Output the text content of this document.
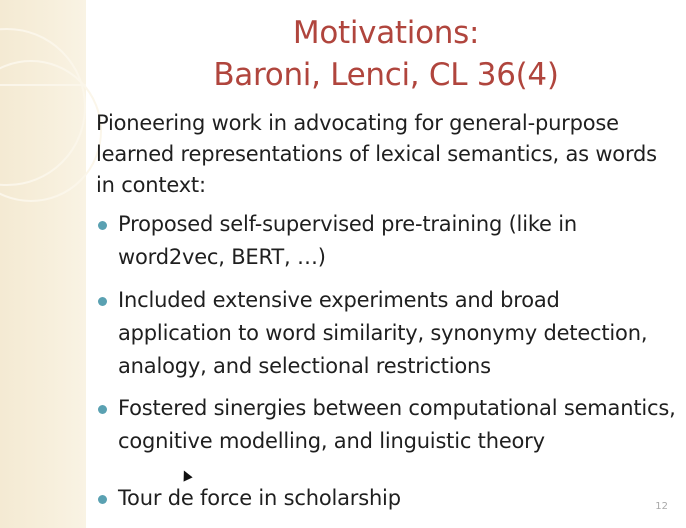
Motivations:
Baroni, Lenci, CL 36(4)
Pioneering work in advocating for general-purpose learned representations of lexical semantics, as words in context:
Proposed self-supervised pre-training (like in word2vec, BERT, …)
Included extensive experiments and broad application to word similarity, synonymy detection, analogy, and selectional restrictions
Fostered sinergies between computational semantics, cognitive modelling, and linguistic theory
Tour de force in scholarship	12
